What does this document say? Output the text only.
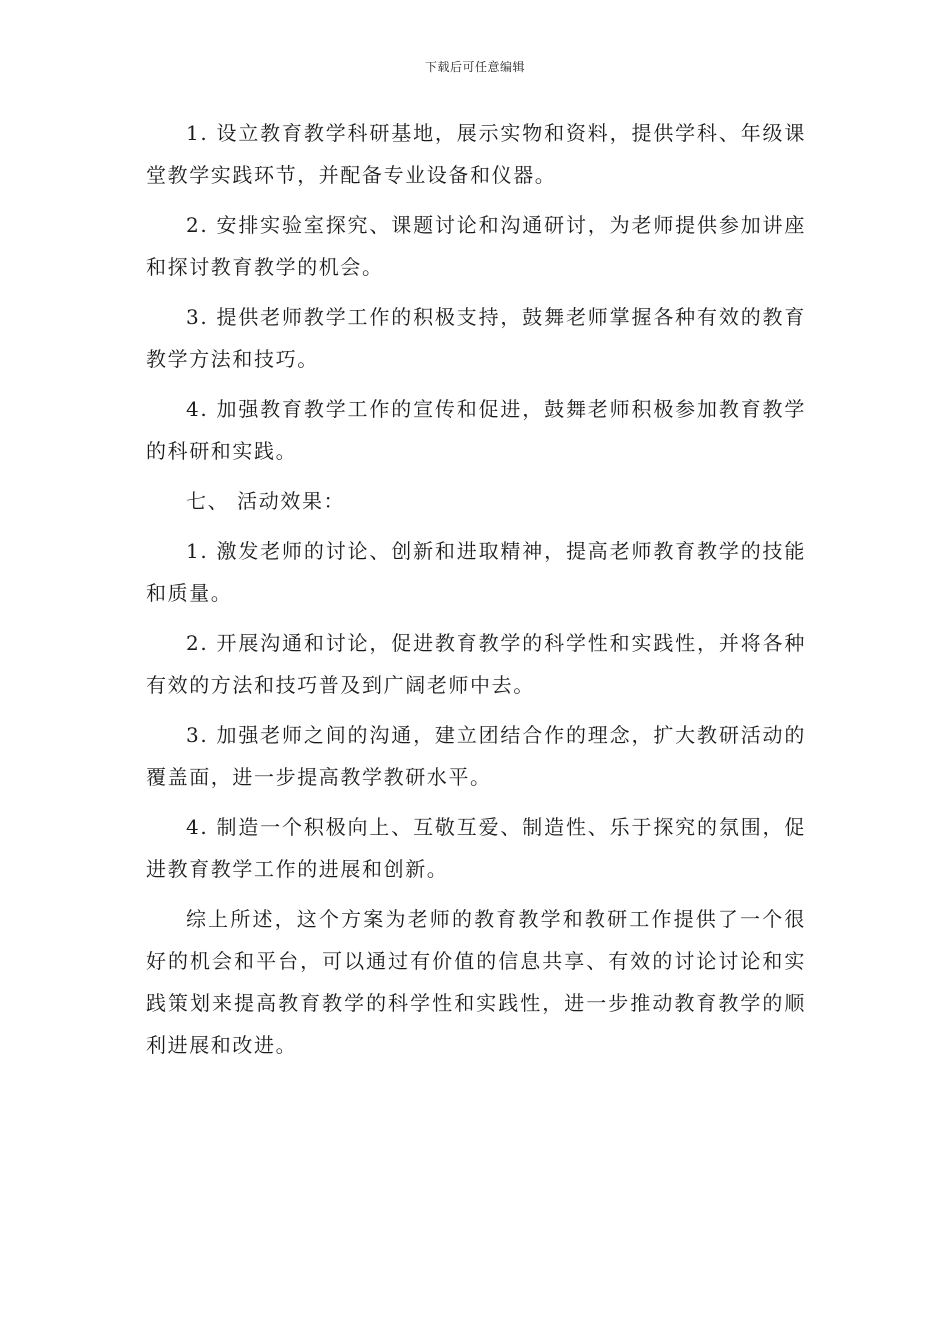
下载后可任意编辑

1. 设立教育教学科研基地，展示实物和资料，提供学科、年级课堂教学实践环节，并配备专业设备和仪器。

2. 安排实验室探究、课题讨论和沟通研讨，为老师提供参加讲座和探讨教育教学的机会。

3. 提供老师教学工作的积极支持，鼓舞老师掌握各种有效的教育教学方法和技巧。

4. 加强教育教学工作的宣传和促进，鼓舞老师积极参加教育教学的科研和实践。

七、 活动效果：

1. 激发老师的讨论、创新和进取精神，提高老师教育教学的技能和质量。

2. 开展沟通和讨论，促进教育教学的科学性和实践性，并将各种有效的方法和技巧普及到广阔老师中去。

3. 加强老师之间的沟通，建立团结合作的理念，扩大教研活动的覆盖面，进一步提高教学教研水平。

4. 制造一个积极向上、互敬互爱、制造性、乐于探究的氛围，促进教育教学工作的进展和创新。

综上所述，这个方案为老师的教育教学和教研工作提供了一个很好的机会和平台，可以通过有价值的信息共享、有效的讨论讨论和实践策划来提高教育教学的科学性和实践性，进一步推动教育教学的顺利进展和改进。
